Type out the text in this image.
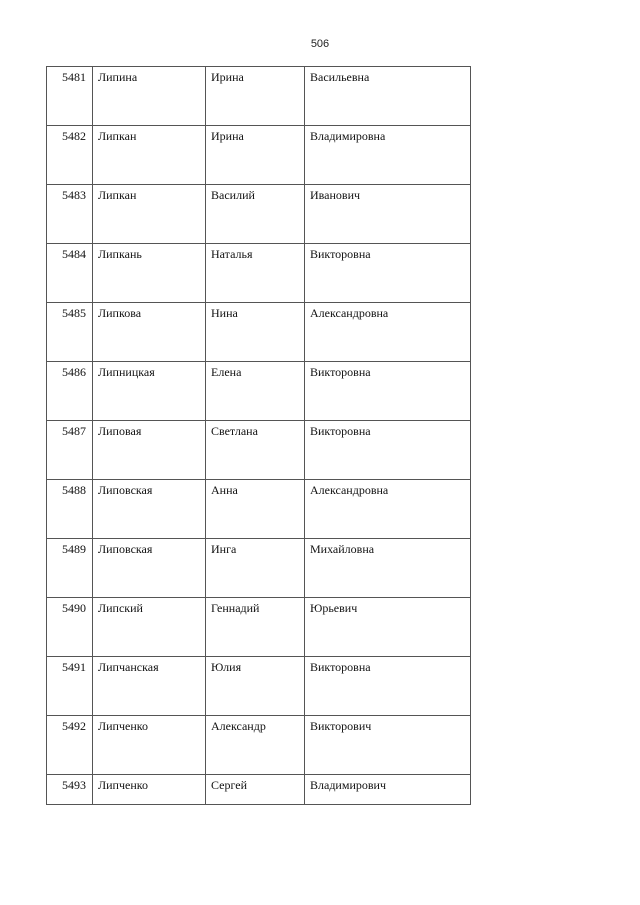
506
5481	Липина	Ирина	Васильевна
5482	Липкан	Ирина	Владимировна
5483	Липкан	Василий	Иванович
5484	Липкань	Наталья	Викторовна
5485	Липкова	Нина	Александровна
5486	Липницкая	Елена	Викторовна
5487	Липовая	Светлана	Викторовна
5488	Липовская	Анна	Александровна
5489	Липовская	Инга	Михайловна
5490	Липский	Геннадий	Юрьевич
5491	Липчанская	Юлия	Викторовна
5492	Липченко	Александр	Викторович
5493	Липченко	Сергей	Владимирович
